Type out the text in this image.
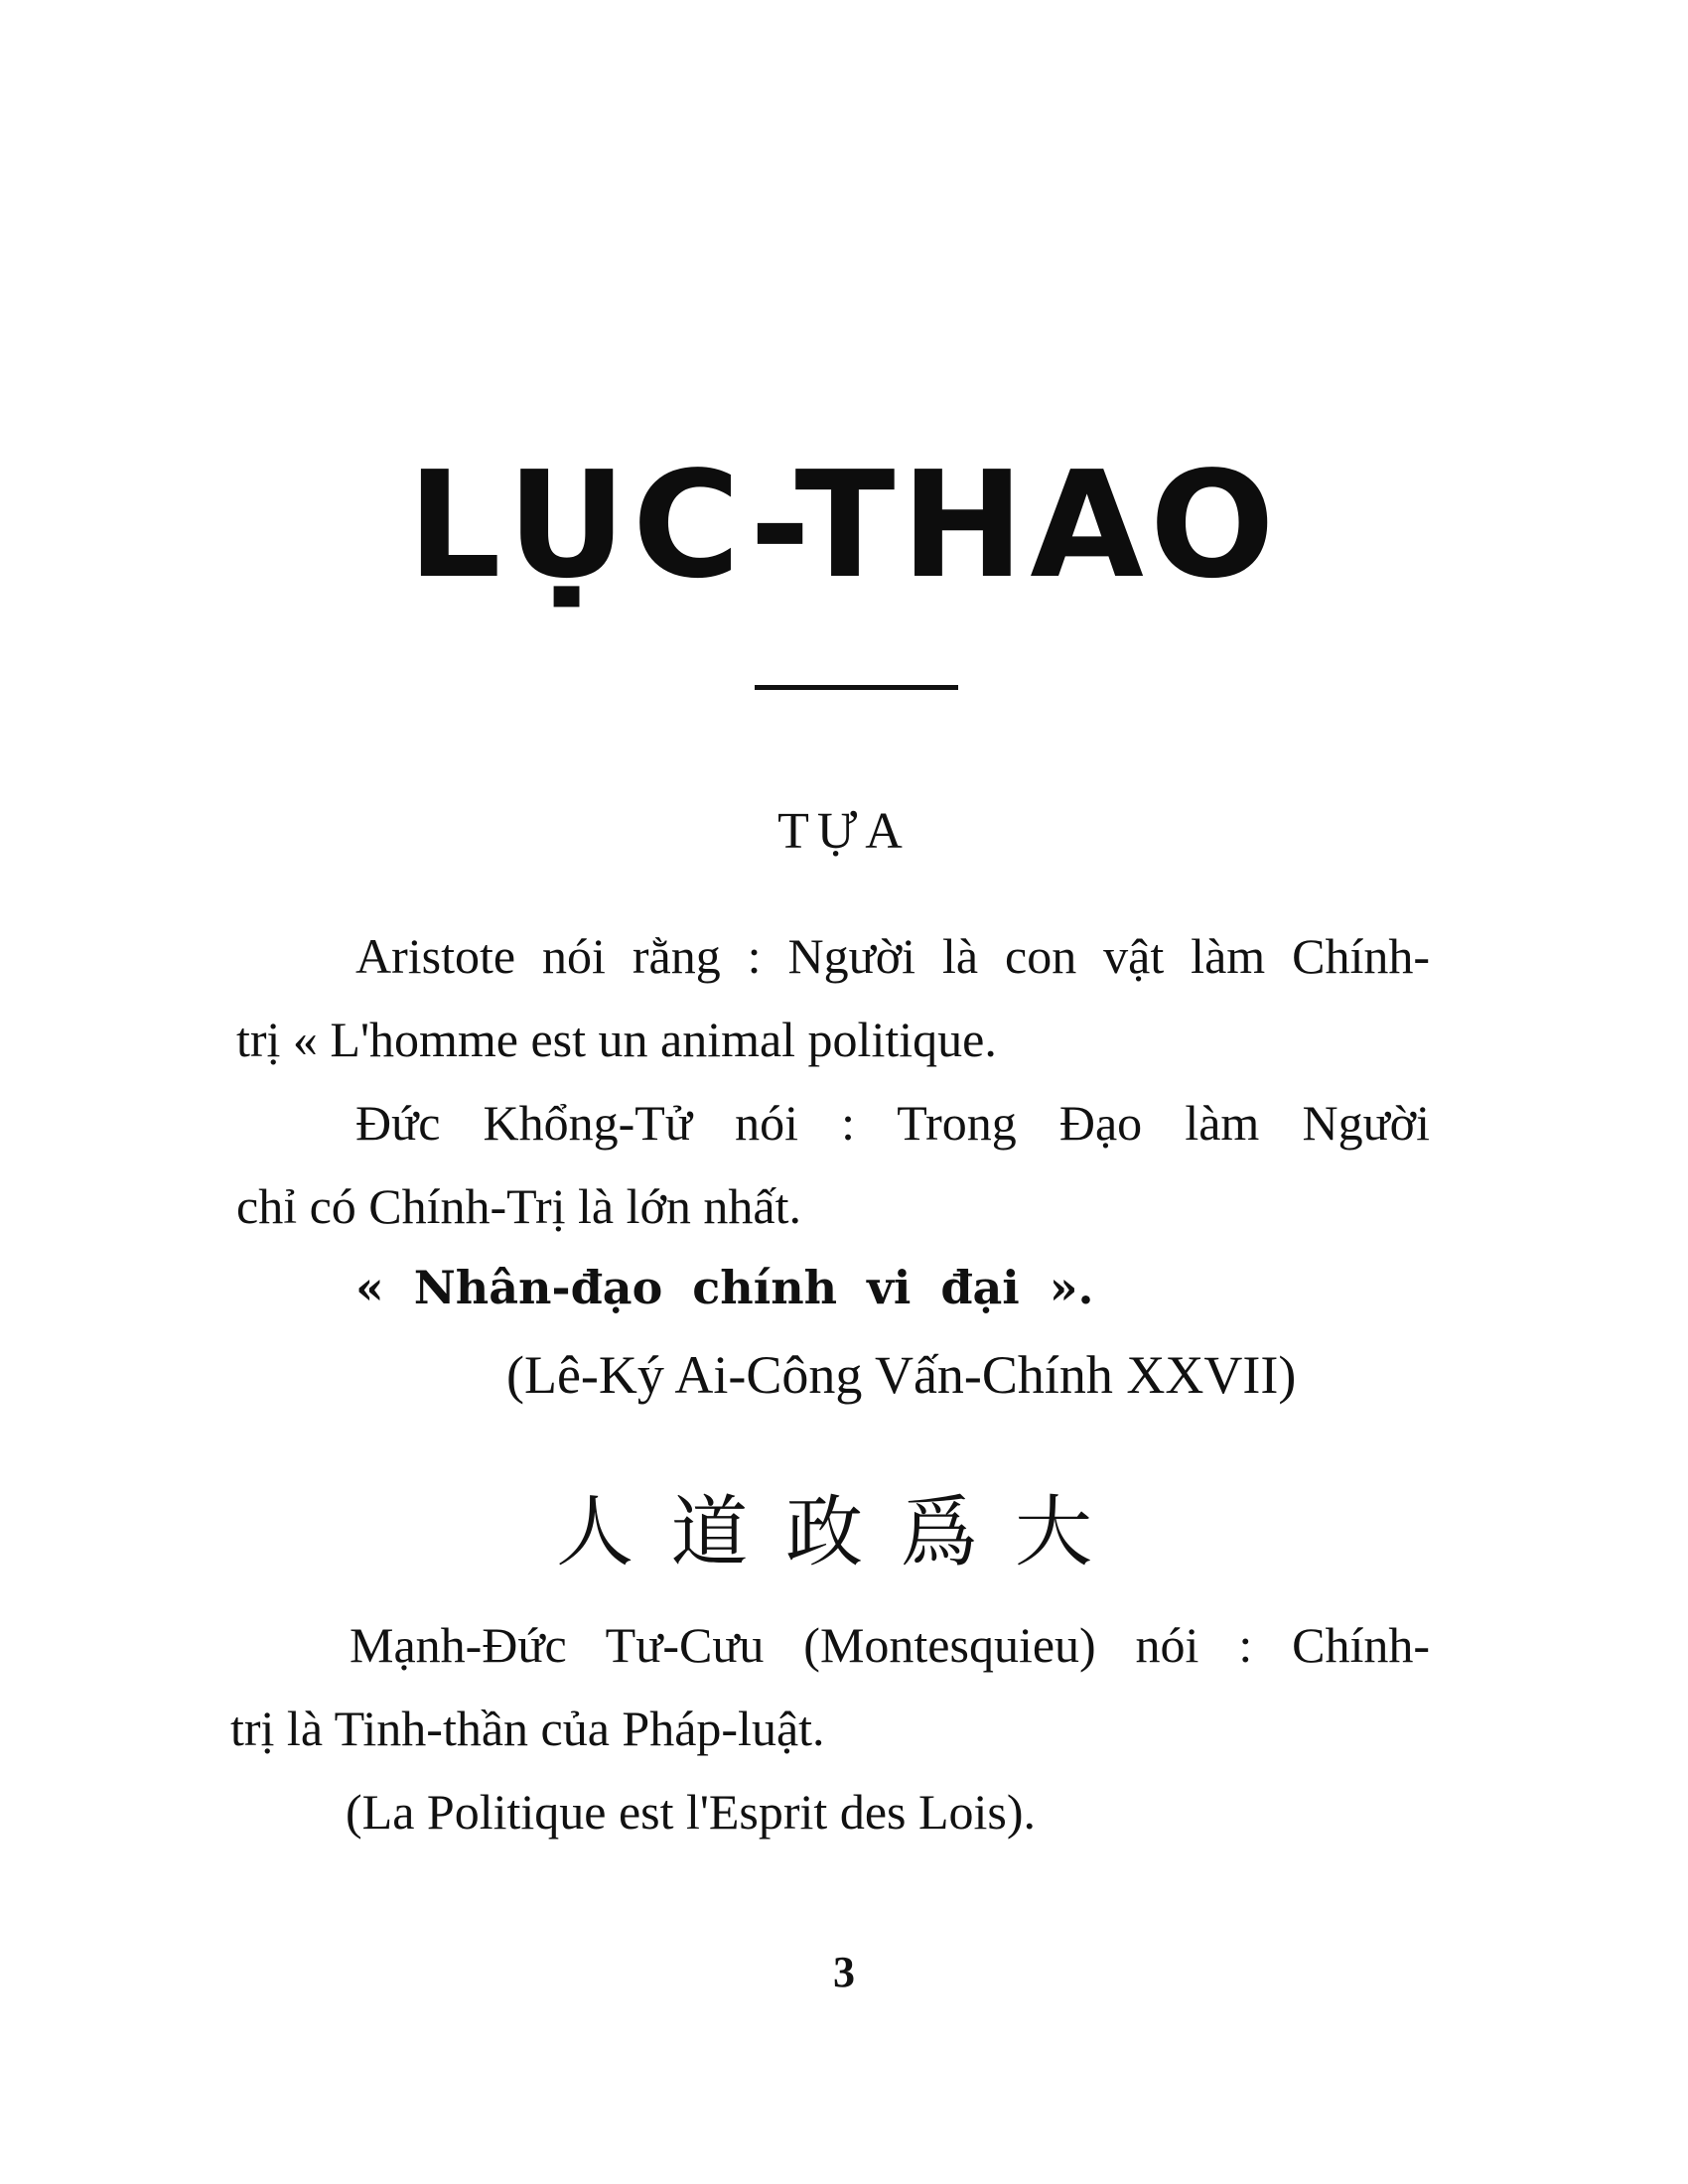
LỤC-THAO
TỰA
Aristote nói rằng : Người là con vật làm Chính-
trị « L'homme est un animal politique.
Đức Khổng-Tử nói : Trong Đạo làm Người
chỉ có Chính-Trị là lớn nhất.
« Nhân-đạo chính vi đại ».
(Lê-Ký Ai-Công Vấn-Chính XXVII)
人道政爲大
Mạnh-Đức Tư-Cưu (Montesquieu) nói : Chính-
trị là Tinh-thần của Pháp-luật.
(La Politique est l'Esprit des Lois).
3
